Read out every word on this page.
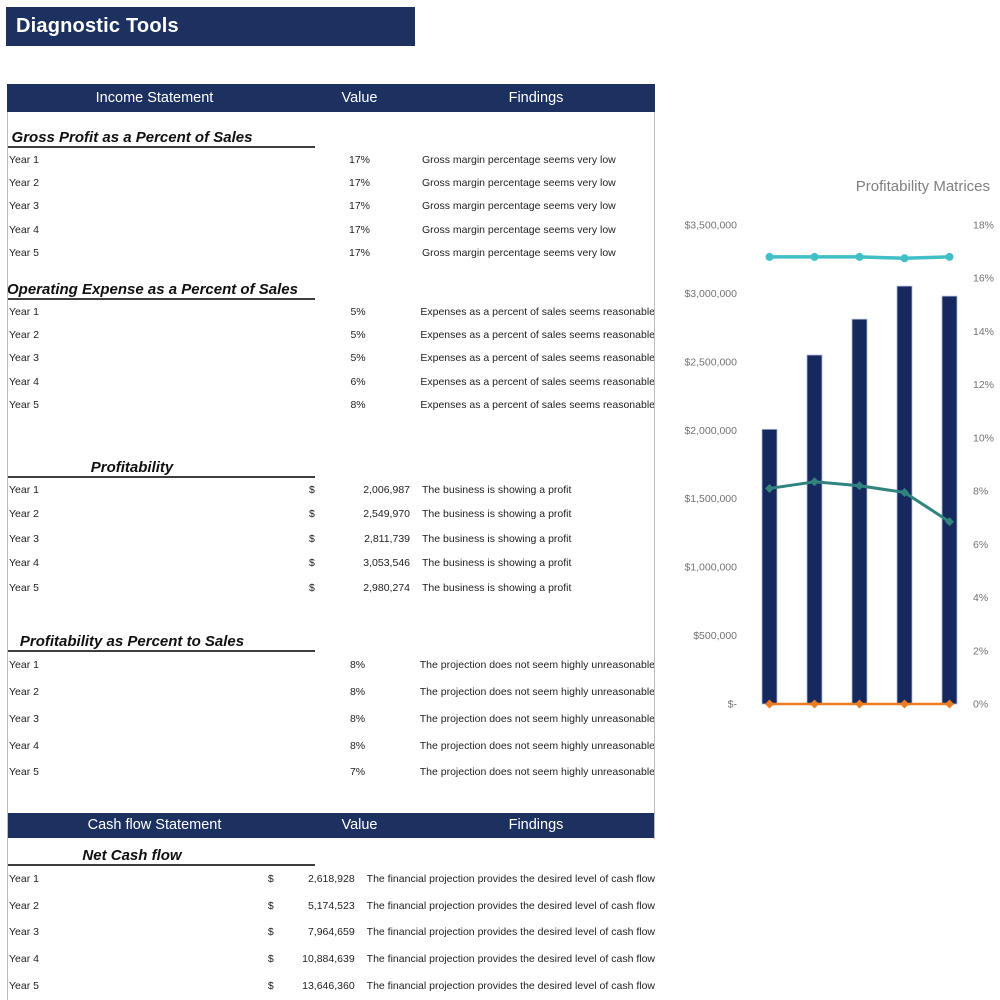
Diagnostic Tools
Income Statement	Value	Findings
Gross Profit as a Percent of Sales
Year 1	17%	Gross margin percentage seems very low
Year 2	17%	Gross margin percentage seems very low
Year 3	17%	Gross margin percentage seems very low
Year 4	17%	Gross margin percentage seems very low
Year 5	17%	Gross margin percentage seems very low
Operating Expense as a Percent of Sales
Year 1	5%	Expenses as a percent of sales seems reasonable
Year 2	5%	Expenses as a percent of sales seems reasonable
Year 3	5%	Expenses as a percent of sales seems reasonable
Year 4	6%	Expenses as a percent of sales seems reasonable
Year 5	8%	Expenses as a percent of sales seems reasonable
Profitability
Year 1	$	2,006,987	The business is showing a profit
Year 2	$	2,549,970	The business is showing a profit
Year 3	$	2,811,739	The business is showing a profit
Year 4	$	3,053,546	The business is showing a profit
Year 5	$	2,980,274	The business is showing a profit
Profitability as Percent to Sales
Year 1	8%	The projection does not seem highly unreasonable
Year 2	8%	The projection does not seem highly unreasonable
Year 3	8%	The projection does not seem highly unreasonable
Year 4	8%	The projection does not seem highly unreasonable
Year 5	7%	The projection does not seem highly unreasonable
Cash flow Statement	Value	Findings
Net Cash flow
Year 1	$	2,618,928	The financial projection provides the desired level of cash flow
Year 2	$	5,174,523	The financial projection provides the desired level of cash flow
Year 3	$	7,964,659	The financial projection provides the desired level of cash flow
Year 4	$	10,884,639	The financial projection provides the desired level of cash flow
Year 5	$	13,646,360	The financial projection provides the desired level of cash flow
Profitability Matrices
$3,500,000
$3,000,000
$2,500,000
$2,000,000
$1,500,000
$1,000,000
$500,000
$-
18%
16%
14%
12%
10%
8%
6%
4%
2%
0%
